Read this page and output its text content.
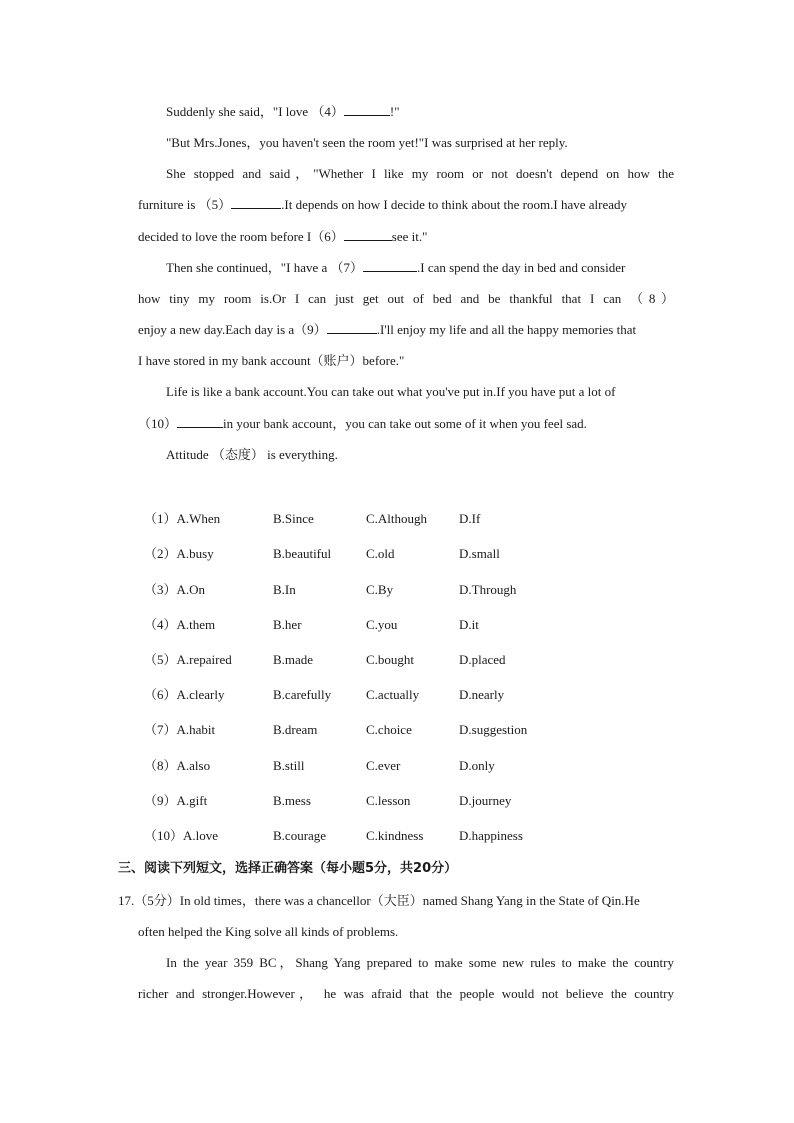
Suddenly she said，"I love （4）	!"
"But Mrs.Jones，you haven't seen the room yet!"I was surprised at her reply.
She stopped and said，"Whether I like my room or not doesn't depend on how the
furniture is （5）	.It depends on how I decide to think about the room.I have already
decided to love the room before I（6）	see it."
Then she continued，"I have a （7）	.I can spend the day in bed and consider
how tiny my room is.Or I can just get out of bed and be thankful that I can （8）
enjoy a new day.Each day is a（9）	.I'll enjoy my life and all the happy memories that
I have stored in my bank account（账户）before."
Life is like a bank account.You can take out what you've put in.If you have put a lot of
（10）	in your bank account，you can take out some of it when you feel sad.
Attitude （态度） is everything.
（1）A.When	B.Since	C.Although D.If
（2）A.busy	B.beautiful	C.old	D.small
（3）A.On	B.In	C.By	D.Through
（4）A.them	B.her	C.you	D.it
（5）A.repaired	B.made	C.bought	D.placed
（6）A.clearly	B.carefully	C.actually	D.nearly
（7）A.habit	B.dream	C.choice	D.suggestion
（8）A.also	B.still	C.ever	D.only
（9）A.gift	B.mess	C.lesson	D.journey
（10）A.love	B.courage	C.kindness	D.happiness
三、阅读下列短文，选择正确答案（每小题5分，共20分）
17.（5分）In old times，there was a chancellor（大臣）named Shang Yang in the State of Qin.He
often helped the King solve all kinds of problems.
In the year 359 BC，Shang Yang prepared to make some new rules to make the country
richer and stronger.However， he was afraid that the people would not believe the country
